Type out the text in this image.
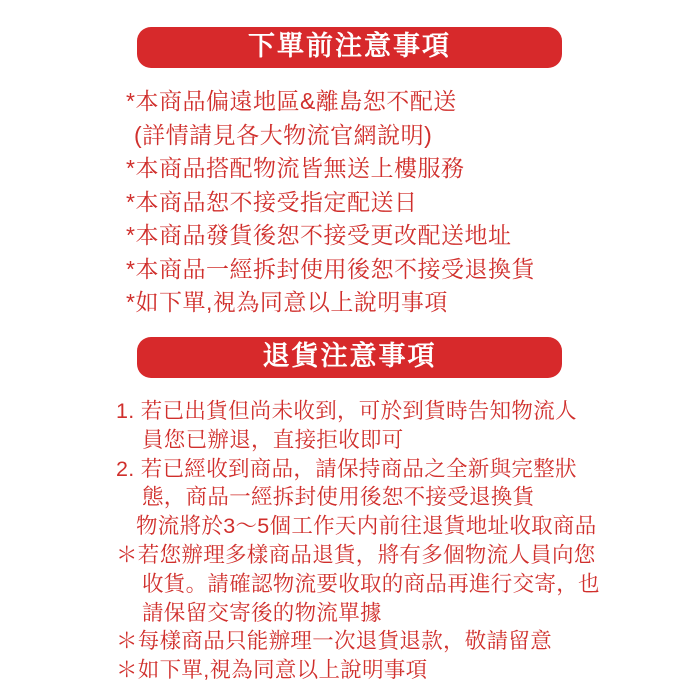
下單前注意事項

*本商品偏遠地區&離島恕不配送

(詳情請見各大物流官網說明)

*本商品搭配物流皆無送上樓服務

*本商品恕不接受指定配送日

*本商品發貨後恕不接受更改配送地址

*本商品一經拆封使用後恕不接受退換貨

*如下單,視為同意以上說明事項

退貨注意事項

1. 若已出貨但尚未收到，可於到貨時告知物流人

員您已辦退，直接拒收即可

2. 若已經收到商品，請保持商品之全新與完整狀

態，商品一經拆封使用後恕不接受退換貨

物流將於3～5個工作天内前往退貨地址收取商品

＊若您辦理多樣商品退貨，將有多個物流人員向您

收貨。請確認物流要收取的商品再進行交寄，也

請保留交寄後的物流單據

＊每樣商品只能辦理一次退貨退款，敬請留意

＊如下單,視為同意以上說明事項
